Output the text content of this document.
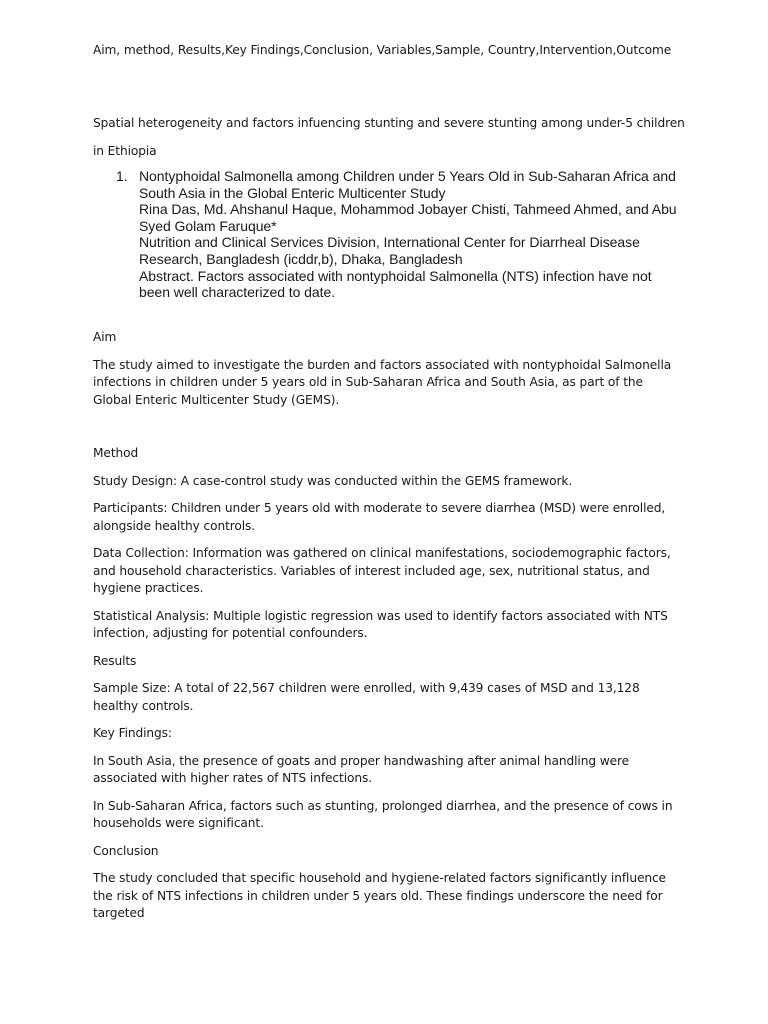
Aim, method, Results,Key Findings,Conclusion, Variables,Sample, Country,Intervention,Outcome

Spatial heterogeneity and factors infuencing stunting and severe stunting among under-5 children

in Ethiopia

1. Nontyphoidal Salmonella among Children under 5 Years Old in Sub-Saharan Africa and
South Asia in the Global Enteric Multicenter Study
Rina Das, Md. Ahshanul Haque, Mohammod Jobayer Chisti, Tahmeed Ahmed, and Abu Syed Golam Faruque*
Nutrition and Clinical Services Division, International Center for Diarrheal Disease Research, Bangladesh (icddr,b), Dhaka, Bangladesh
Abstract. Factors associated with nontyphoidal Salmonella (NTS) infection have not been well characterized to date.

Aim

The study aimed to investigate the burden and factors associated with nontyphoidal Salmonella infections in children under 5 years old in Sub-Saharan Africa and South Asia, as part of the Global Enteric Multicenter Study (GEMS).

Method

Study Design: A case-control study was conducted within the GEMS framework.

Participants: Children under 5 years old with moderate to severe diarrhea (MSD) were enrolled, alongside healthy controls.

Data Collection: Information was gathered on clinical manifestations, sociodemographic factors, and household characteristics. Variables of interest included age, sex, nutritional status, and hygiene practices.

Statistical Analysis: Multiple logistic regression was used to identify factors associated with NTS infection, adjusting for potential confounders.

Results

Sample Size: A total of 22,567 children were enrolled, with 9,439 cases of MSD and 13,128 healthy controls.

Key Findings:

In South Asia, the presence of goats and proper handwashing after animal handling were associated with higher rates of NTS infections.

In Sub-Saharan Africa, factors such as stunting, prolonged diarrhea, and the presence of cows in households were significant.

Conclusion

The study concluded that specific household and hygiene-related factors significantly influence the risk of NTS infections in children under 5 years old. These findings underscore the need for targeted
